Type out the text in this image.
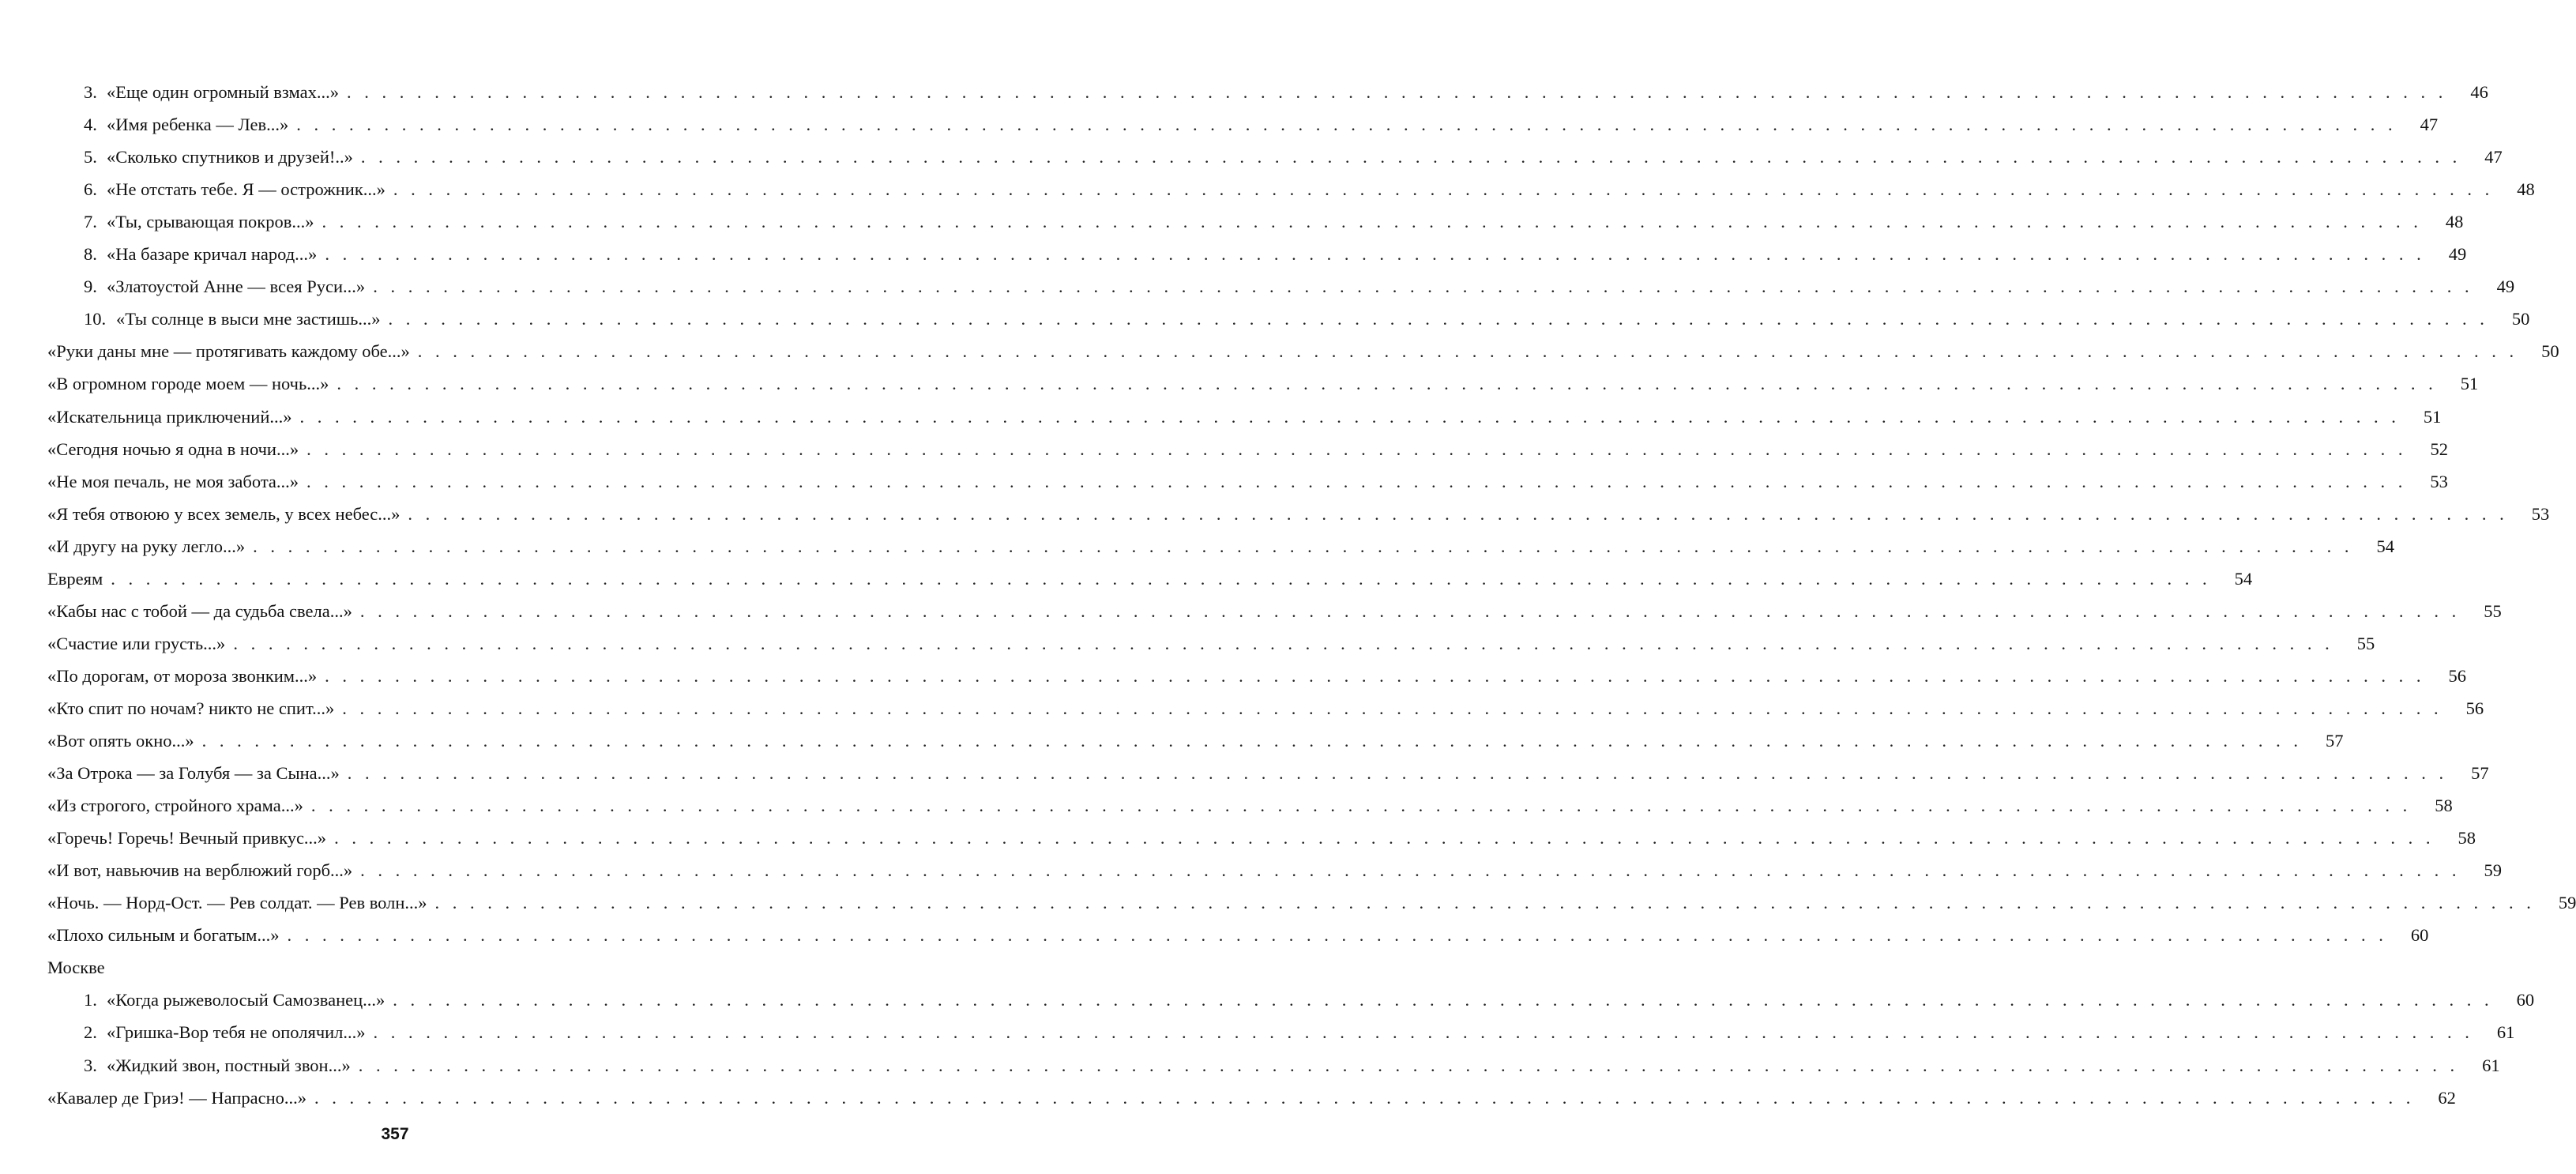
3. «Еще один огромный взмах...» . . . . . . . . . . . . . . . . . . . . . . . . . . . . . . . . . . . . . . . . . . . . . . . . . . . . . . . . . . . . . . . . . . . . . . . . . . . . . . . . . . . . . . . . . . . . . . . . . . . . . . . . . . . . . . . . . . . . . . . .	46
4. «Имя ребенка — Лев...» . . . . . . . . . . . . . . . . . . . . . . . . . . . . . . . . . . . . . . . . . . . . . . . . . . . . . . . . . . . . . . . . . . . . . . . . . . . . . . . . . . . . . . . . . . . . . . . . . . . . . . . . . . . . . . . . . . . . . . . .	47
5. «Сколько спутников и друзей!..» . . . . . . . . . . . . . . . . . . . . . . . . . . . . . . . . . . . . . . . . . . . . . . . . . . . . . . . . . . . . . . . . . . . . . . . . . . . . . . . . . . . . . . . . . . . . . . . . . . . . . . . . . . . . . . . . . . . . . . . .	47
6. «Не отстать тебе. Я — острожник...» . . . . . . . . . . . . . . . . . . . . . . . . . . . . . . . . . . . . . . . . . . . . . . . . . . . . . . . . . . . . . . . . . . . . . . . . . . . . . . . . . . . . . . . . . . . . . . . . . . . . . . . . . . . . . . . . . . . . . . . .	48
7. «Ты, срывающая покров...» . . . . . . . . . . . . . . . . . . . . . . . . . . . . . . . . . . . . . . . . . . . . . . . . . . . . . . . . . . . . . . . . . . . . . . . . . . . . . . . . . . . . . . . . . . . . . . . . . . . . . . . . . . . . . . . . . . . . . . . .	48
8. «На базаре кричал народ...» . . . . . . . . . . . . . . . . . . . . . . . . . . . . . . . . . . . . . . . . . . . . . . . . . . . . . . . . . . . . . . . . . . . . . . . . . . . . . . . . . . . . . . . . . . . . . . . . . . . . . . . . . . . . . . . . . . . . . . . .	49
9. «Златоустой Анне — всея Руси...» . . . . . . . . . . . . . . . . . . . . . . . . . . . . . . . . . . . . . . . . . . . . . . . . . . . . . . . . . . . . . . . . . . . . . . . . . . . . . . . . . . . . . . . . . . . . . . . . . . . . . . . . . . . . . . . . . . . . . . . .	49
10. «Ты солнце в выси мне застишь...» . . . . . . . . . . . . . . . . . . . . . . . . . . . . . . . . . . . . . . . . . . . . . . . . . . . . . . . . . . . . . . . . . . . . . . . . . . . . . . . . . . . . . . . . . . . . . . . . . . . . . . . . . . . . . . . . . . . . . . . .	50
«Руки даны мне — протягивать каждому обе...» . . . . . . . . . . . . . . . . . . . . . . . . . . . . . . . . . . . . . . . . . . . . . . . . . . . . . . . . . . . . . . . . . . . . . . . . . . . . . . . . . . . . . . . . . . . . . . . . . . . . . . . . . . . . . . . . . . . . . . . .	50
«В огромном городе моем — ночь...» . . . . . . . . . . . . . . . . . . . . . . . . . . . . . . . . . . . . . . . . . . . . . . . . . . . . . . . . . . . . . . . . . . . . . . . . . . . . . . . . . . . . . . . . . . . . . . . . . . . . . . . . . . . . . . . . . . . . . . . .	51
«Искательница приключений...» . . . . . . . . . . . . . . . . . . . . . . . . . . . . . . . . . . . . . . . . . . . . . . . . . . . . . . . . . . . . . . . . . . . . . . . . . . . . . . . . . . . . . . . . . . . . . . . . . . . . . . . . . . . . . . . . . . . . . . . .	51
«Сегодня ночью я одна в ночи...» . . . . . . . . . . . . . . . . . . . . . . . . . . . . . . . . . . . . . . . . . . . . . . . . . . . . . . . . . . . . . . . . . . . . . . . . . . . . . . . . . . . . . . . . . . . . . . . . . . . . . . . . . . . . . . . . . . . . . . . .	52
«Не моя печаль, не моя забота...» . . . . . . . . . . . . . . . . . . . . . . . . . . . . . . . . . . . . . . . . . . . . . . . . . . . . . . . . . . . . . . . . . . . . . . . . . . . . . . . . . . . . . . . . . . . . . . . . . . . . . . . . . . . . . . . . . . . . . . . .	53
«Я тебя отвоюю у всех земель, у всех небес...» . . . . . . . . . . . . . . . . . . . . . . . . . . . . . . . . . . . . . . . . . . . . . . . . . . . . . . . . . . . . . . . . . . . . . . . . . . . . . . . . . . . . . . . . . . . . . . . . . . . . . . . . . . . . . . . . . . . . . . . .	53
«И другу на руку легло...» . . . . . . . . . . . . . . . . . . . . . . . . . . . . . . . . . . . . . . . . . . . . . . . . . . . . . . . . . . . . . . . . . . . . . . . . . . . . . . . . . . . . . . . . . . . . . . . . . . . . . . . . . . . . . . . . . . . . . . . .	54
Евреям . . . . . . . . . . . . . . . . . . . . . . . . . . . . . . . . . . . . . . . . . . . . . . . . . . . . . . . . . . . . . . . . . . . . . . . . . . . . . . . . . . . . . . . . . . . . . . . . . . . . . . . . . . . . . . . . . . . . . . . .	54
«Кабы нас с тобой — да судьба свела...» . . . . . . . . . . . . . . . . . . . . . . . . . . . . . . . . . . . . . . . . . . . . . . . . . . . . . . . . . . . . . . . . . . . . . . . . . . . . . . . . . . . . . . . . . . . . . . . . . . . . . . . . . . . . . . . . . . . . . . . .	55
«Счастие или грусть...» . . . . . . . . . . . . . . . . . . . . . . . . . . . . . . . . . . . . . . . . . . . . . . . . . . . . . . . . . . . . . . . . . . . . . . . . . . . . . . . . . . . . . . . . . . . . . . . . . . . . . . . . . . . . . . . . . . . . . . . .	55
«По дорогам, от мороза звонким...» . . . . . . . . . . . . . . . . . . . . . . . . . . . . . . . . . . . . . . . . . . . . . . . . . . . . . . . . . . . . . . . . . . . . . . . . . . . . . . . . . . . . . . . . . . . . . . . . . . . . . . . . . . . . . . . . . . . . . . . .	56
«Кто спит по ночам? никто не спит...» . . . . . . . . . . . . . . . . . . . . . . . . . . . . . . . . . . . . . . . . . . . . . . . . . . . . . . . . . . . . . . . . . . . . . . . . . . . . . . . . . . . . . . . . . . . . . . . . . . . . . . . . . . . . . . . . . . . . . . . .	56
«Вот опять окно...» . . . . . . . . . . . . . . . . . . . . . . . . . . . . . . . . . . . . . . . . . . . . . . . . . . . . . . . . . . . . . . . . . . . . . . . . . . . . . . . . . . . . . . . . . . . . . . . . . . . . . . . . . . . . . . . . . . . . . . . .	57
«За Отрока — за Голубя — за Сына...» . . . . . . . . . . . . . . . . . . . . . . . . . . . . . . . . . . . . . . . . . . . . . . . . . . . . . . . . . . . . . . . . . . . . . . . . . . . . . . . . . . . . . . . . . . . . . . . . . . . . . . . . . . . . . . . . . . . . . . . .	57
«Из строгого, стройного храма...» . . . . . . . . . . . . . . . . . . . . . . . . . . . . . . . . . . . . . . . . . . . . . . . . . . . . . . . . . . . . . . . . . . . . . . . . . . . . . . . . . . . . . . . . . . . . . . . . . . . . . . . . . . . . . . . . . . . . . . . .	58
«Горечь! Горечь! Вечный привкус...» . . . . . . . . . . . . . . . . . . . . . . . . . . . . . . . . . . . . . . . . . . . . . . . . . . . . . . . . . . . . . . . . . . . . . . . . . . . . . . . . . . . . . . . . . . . . . . . . . . . . . . . . . . . . . . . . . . . . . . . .	58
«И вот, навьючив на верблюжий горб...» . . . . . . . . . . . . . . . . . . . . . . . . . . . . . . . . . . . . . . . . . . . . . . . . . . . . . . . . . . . . . . . . . . . . . . . . . . . . . . . . . . . . . . . . . . . . . . . . . . . . . . . . . . . . . . . . . . . . . . . .	59
«Ночь. — Норд-Ост. — Рев солдат. — Рев волн...» . . . . . . . . . . . . . . . . . . . . . . . . . . . . . . . . . . . . . . . . . . . . . . . . . . . . . . . . . . . . . . . . . . . . . . . . . . . . . . . . . . . . . . . . . . . . . . . . . . . . . . . . . . . . . . . . . . . . . . . .	59
«Плохо сильным и богатым...» . . . . . . . . . . . . . . . . . . . . . . . . . . . . . . . . . . . . . . . . . . . . . . . . . . . . . . . . . . . . . . . . . . . . . . . . . . . . . . . . . . . . . . . . . . . . . . . . . . . . . . . . . . . . . . . . . . . . . . . .	60
Москве
1. «Когда рыжеволосый Самозванец...» . . . . . . . . . . . . . . . . . . . . . . . . . . . . . . . . . . . . . . . . . . . . . . . . . . . . . . . . . . . . . . . . . . . . . . . . . . . . . . . . . . . . . . . . . . . . . . . . . . . . . . . . . . . . . . . . . . . . . . . .	60
2. «Гришка-Вор тебя не ополячил...» . . . . . . . . . . . . . . . . . . . . . . . . . . . . . . . . . . . . . . . . . . . . . . . . . . . . . . . . . . . . . . . . . . . . . . . . . . . . . . . . . . . . . . . . . . . . . . . . . . . . . . . . . . . . . . . . . . . . . . . .	61
3. «Жидкий звон, постный звон...» . . . . . . . . . . . . . . . . . . . . . . . . . . . . . . . . . . . . . . . . . . . . . . . . . . . . . . . . . . . . . . . . . . . . . . . . . . . . . . . . . . . . . . . . . . . . . . . . . . . . . . . . . . . . . . . . . . . . . . . .	61
«Кавалер де Гриэ! — Напрасно...» . . . . . . . . . . . . . . . . . . . . . . . . . . . . . . . . . . . . . . . . . . . . . . . . . . . . . . . . . . . . . . . . . . . . . . . . . . . . . . . . . . . . . . . . . . . . . . . . . . . . . . . . . . . . . . . . . . . . . . . .	62
357
